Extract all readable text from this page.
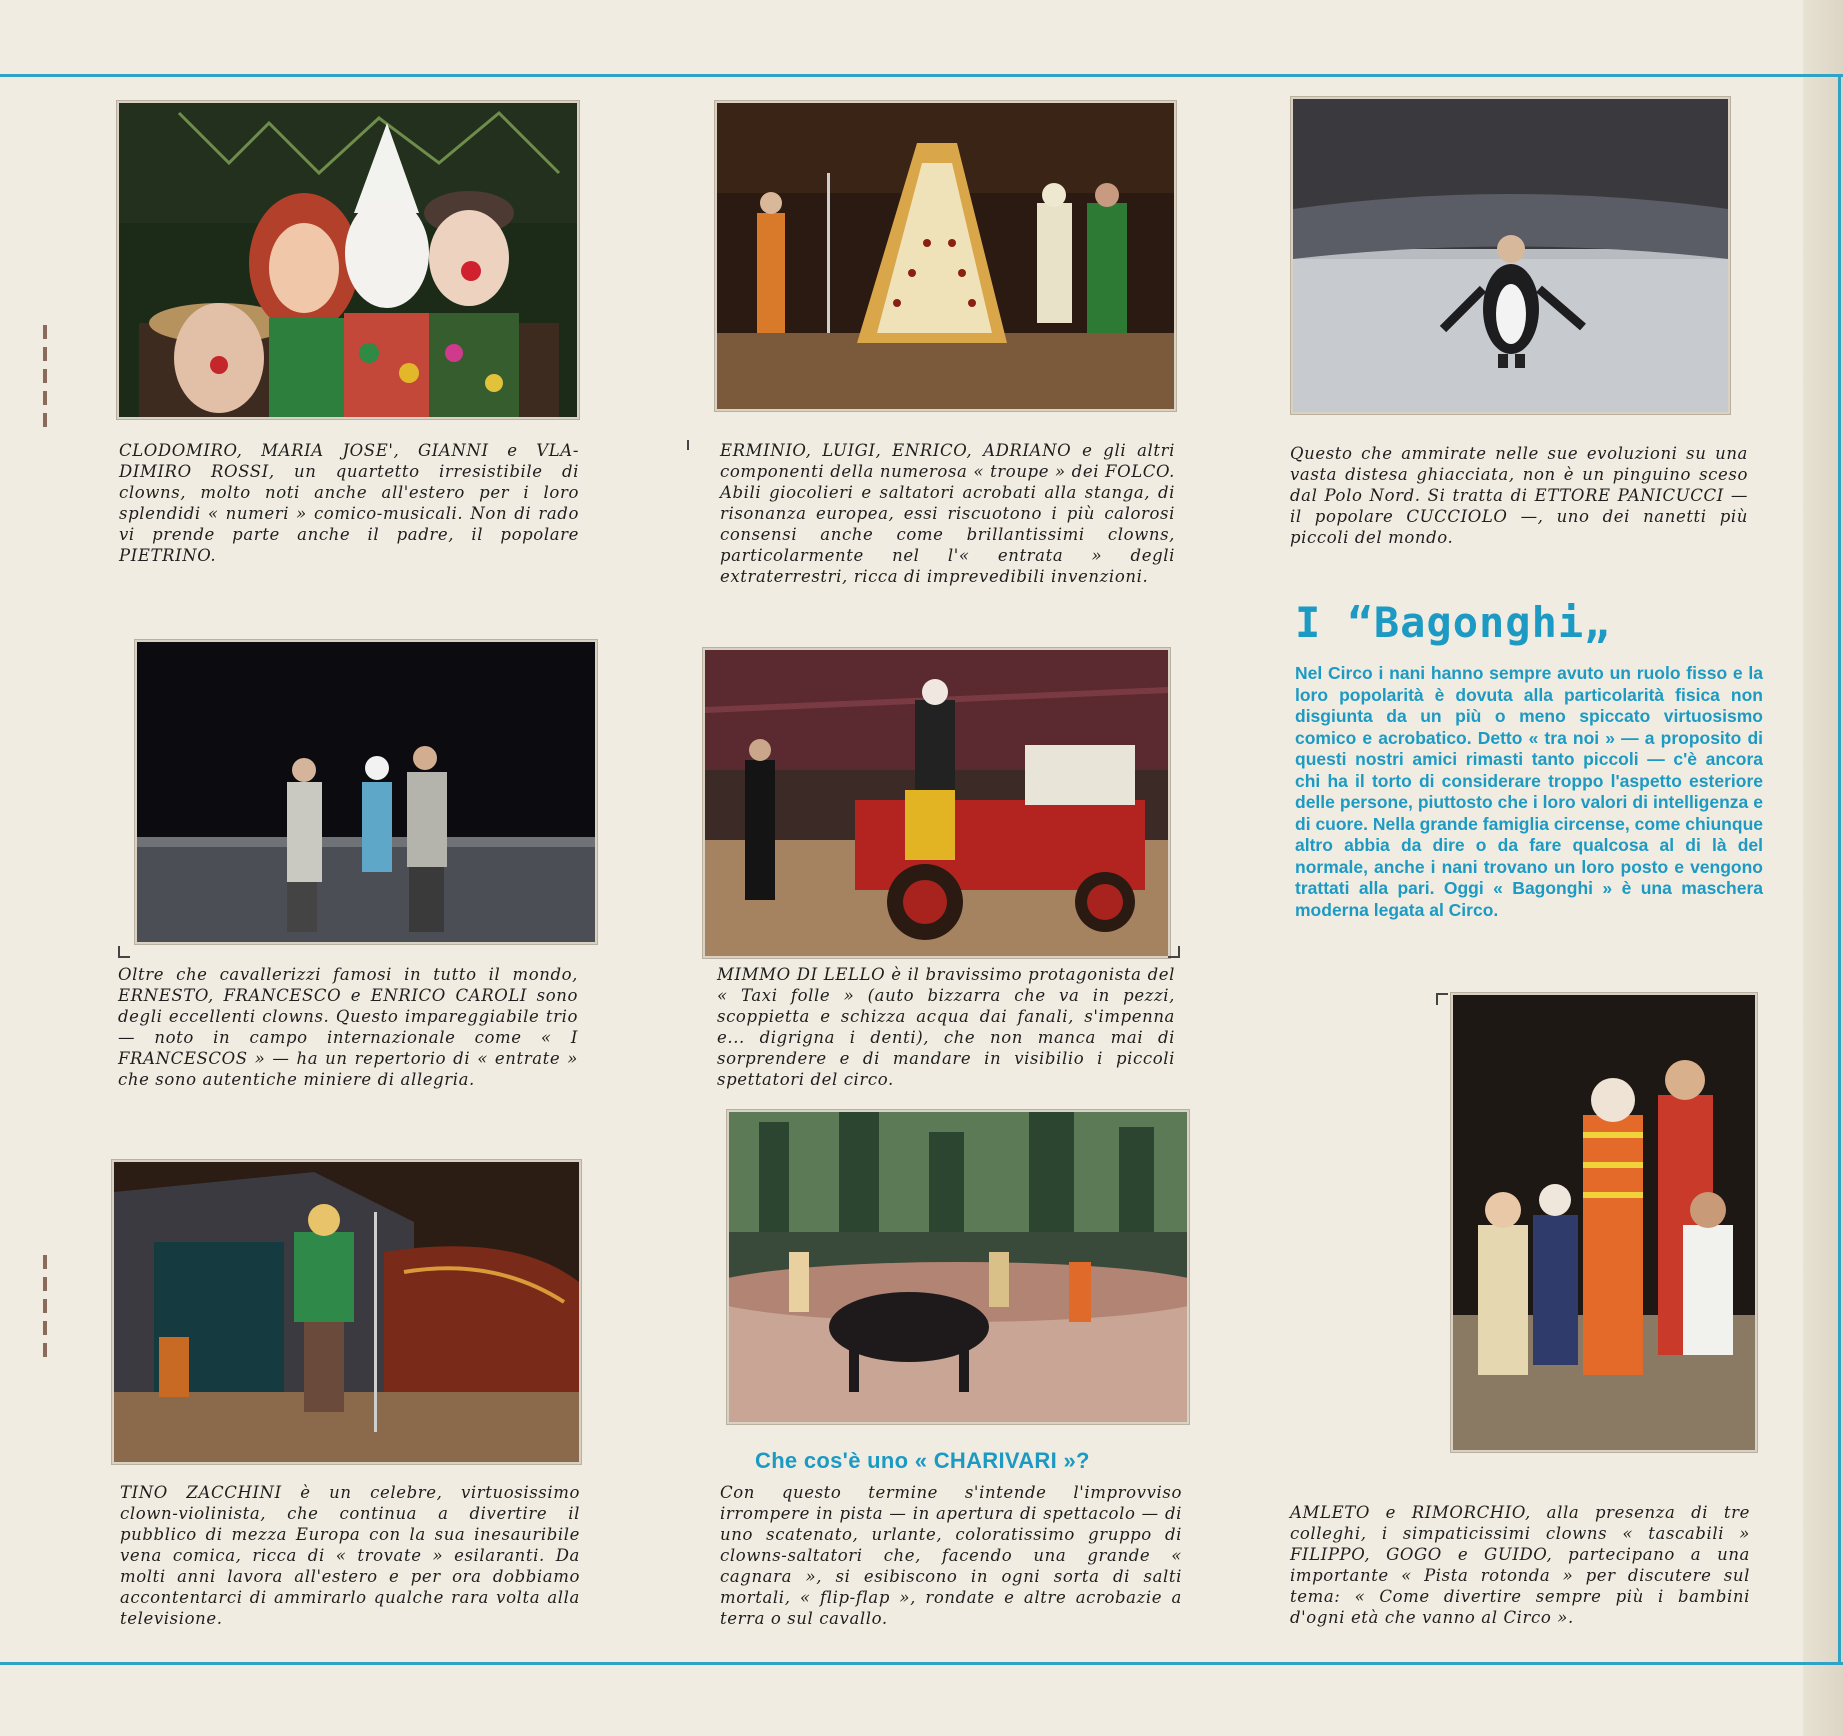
CLODOMIRO, MARIA JOSE', GIANNI e VLA-DIMIRO ROSSI, un quartetto irresistibile di clowns, molto noti anche all'estero per i loro splendidi « numeri » comico-musicali. Non di rado vi prende parte anche il padre, il popolare PIETRINO.

ERMINIO, LUIGI, ENRICO, ADRIANO e gli altri componenti della numerosa « troupe » dei FOLCO. Abili giocolieri e saltatori acrobati alla stanga, di risonanza europea, essi riscuotono i più calorosi consensi anche come brillantissimi clowns, particolarmente nel l'« entrata » degli extraterrestri, ricca di imprevedibili invenzioni.

Questo che ammirate nelle sue evoluzioni su una vasta distesa ghiacciata, non è un pinguino sceso dal Polo Nord. Si tratta di ETTORE PANICUCCI — il popolare CUCCIOLO —, uno dei nanetti più piccoli del mondo.

Oltre che cavallerizzi famosi in tutto il mondo, ERNESTO, FRANCESCO e ENRICO CAROLI sono degli eccellenti clowns. Questo impareggiabile trio — noto in campo internazionale come « I FRANCESCOS » — ha un repertorio di « entrate » che sono autentiche miniere di allegria.

MIMMO DI LELLO è il bravissimo protagonista del « Taxi folle » (auto bizzarra che va in pezzi, scoppietta e schizza acqua dai fanali, s'impenna e... digrigna i denti), che non manca mai di sorprendere e di mandare in visibilio i piccoli spettatori del circo.

TINO ZACCHINI è un celebre, virtuosissimo clown-violinista, che continua a divertire il pubblico di mezza Europa con la sua inesauribile vena comica, ricca di « trovate » esilaranti. Da molti anni lavora all'estero e per ora dobbiamo accontentarci di ammirarlo qualche rara volta alla televisione.

Che cos'è uno « CHARIVARI »?

Con questo termine s'intende l'improvviso irrompere in pista — in apertura di spettacolo — di uno scatenato, urlante, coloratissimo gruppo di clowns-saltatori che, facendo una grande « cagnara », si esibiscono in ogni sorta di salti mortali, « flip-flap », rondate e altre acrobazie a terra o sul cavallo.

I “Bagonghi„
Nel Circo i nani hanno sempre avuto un ruolo fisso e la loro popolarità è dovuta alla particolarità fisica non disgiunta da un più o meno spiccato virtuosismo comico e acrobatico. Detto « tra noi » — a proposito di questi nostri amici rimasti tanto piccoli — c'è ancora chi ha il torto di considerare troppo l'aspetto esteriore delle persone, piuttosto che i loro valori di intelligenza e di cuore. Nella grande famiglia circense, come chiunque altro abbia da dire o da fare qualcosa al di là del normale, anche i nani trovano un loro posto e vengono trattati alla pari. Oggi « Bagonghi » è una maschera moderna legata al Circo.

AMLETO e RIMORCHIO, alla presenza di tre colleghi, i simpaticissimi clowns « tascabili » FILIPPO, GOGO e GUIDO, partecipano a una importante « Pista rotonda » per discutere sul tema: « Come divertire sempre più i bambini d'ogni età che vanno al Circo ».
